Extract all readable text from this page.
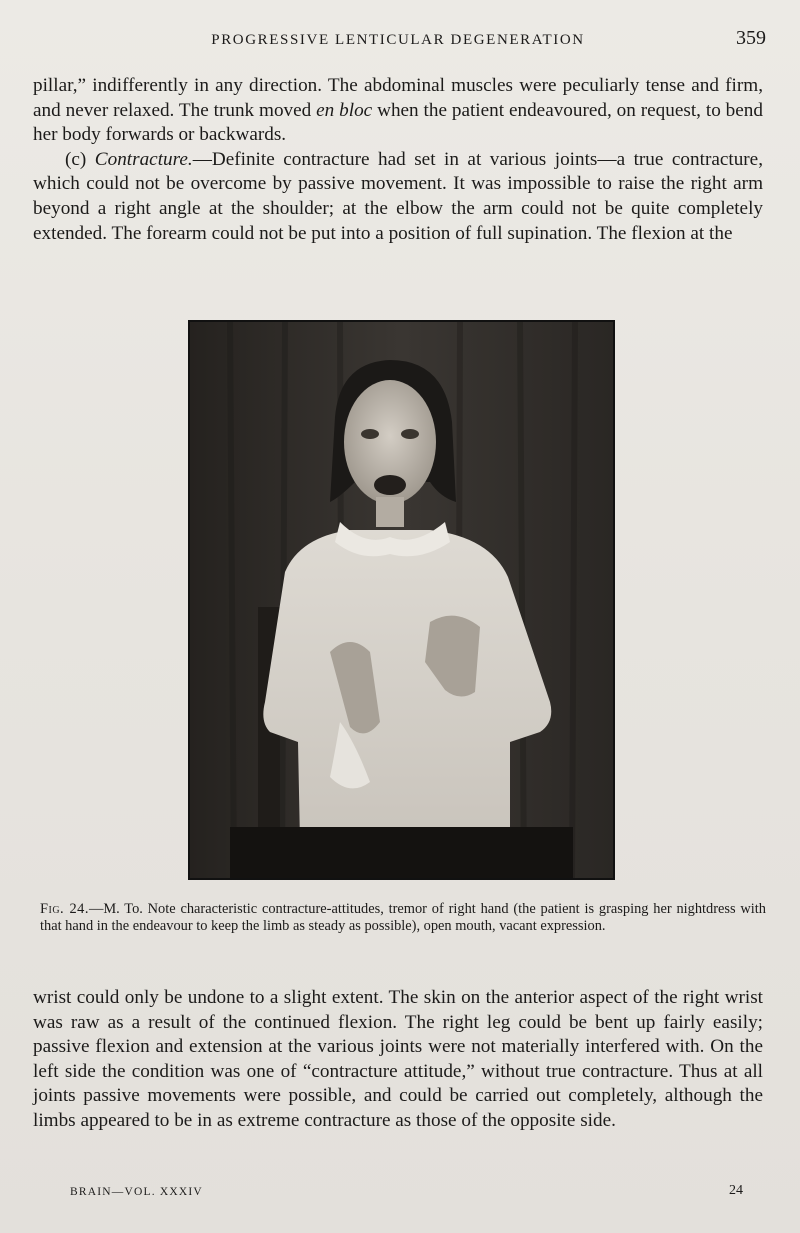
PROGRESSIVE LENTICULAR DEGENERATION	359

pillar,” indifferently in any direction. The abdominal muscles were peculiarly tense and firm, and never relaxed. The trunk moved en bloc when the patient endeavoured, on request, to bend her body forwards or backwards.

(c) Contracture.—Definite contracture had set in at various joints—a true contracture, which could not be overcome by passive movement. It was impossible to raise the right arm beyond a right angle at the shoulder; at the elbow the arm could not be quite completely extended. The forearm could not be put into a position of full supination. The flexion at the

Fig. 24.—M. To. Note characteristic contracture-attitudes, tremor of right hand (the patient is grasping her nightdress with that hand in the endeavour to keep the limb as steady as possible), open mouth, vacant expression.

wrist could only be undone to a slight extent. The skin on the anterior aspect of the right wrist was raw as a result of the continued flexion. The right leg could be bent up fairly easily; passive flexion and extension at the various joints were not materially interfered with. On the left side the condition was one of “contracture attitude,” without true contracture. Thus at all joints passive movements were possible, and could be carried out completely, although the limbs appeared to be in as extreme contracture as those of the opposite side.

BRAIN—VOL. XXXIV	24
